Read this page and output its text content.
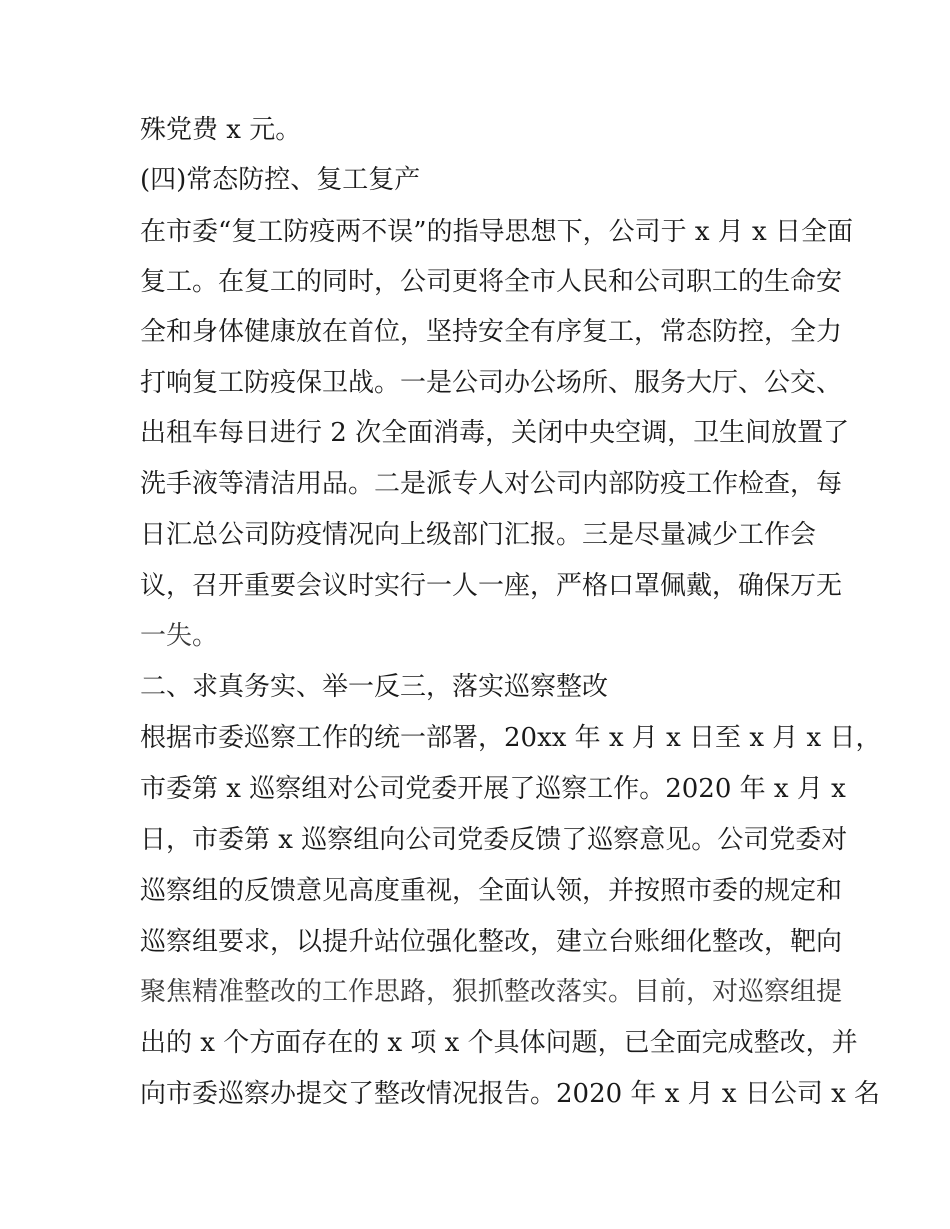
殊党费 x 元。
(四)常态防控、复工复产
在市委“复工防疫两不误”的指导思想下，公司于 x 月 x 日全面
复工。在复工的同时，公司更将全市人民和公司职工的生命安
全和身体健康放在首位，坚持安全有序复工，常态防控，全力
打响复工防疫保卫战。一是公司办公场所、服务大厅、公交、
出租车每日进行 2 次全面消毒，关闭中央空调，卫生间放置了
洗手液等清洁用品。二是派专人对公司内部防疫工作检查，每
日汇总公司防疫情况向上级部门汇报。三是尽量减少工作会
议，召开重要会议时实行一人一座，严格口罩佩戴，确保万无
一失。
二、求真务实、举一反三，落实巡察整改
根据市委巡察工作的统一部署，20xx 年 x 月 x 日至 x 月 x 日，
市委第 x 巡察组对公司党委开展了巡察工作。2020 年 x 月 x
日，市委第 x 巡察组向公司党委反馈了巡察意见。公司党委对
巡察组的反馈意见高度重视，全面认领，并按照市委的规定和
巡察组要求，以提升站位强化整改，建立台账细化整改，靶向
聚焦精准整改的工作思路，狠抓整改落实。目前，对巡察组提
出的 x 个方面存在的 x 项 x 个具体问题，已全面完成整改，并
向市委巡察办提交了整改情况报告。2020 年 x 月 x 日公司 x 名
